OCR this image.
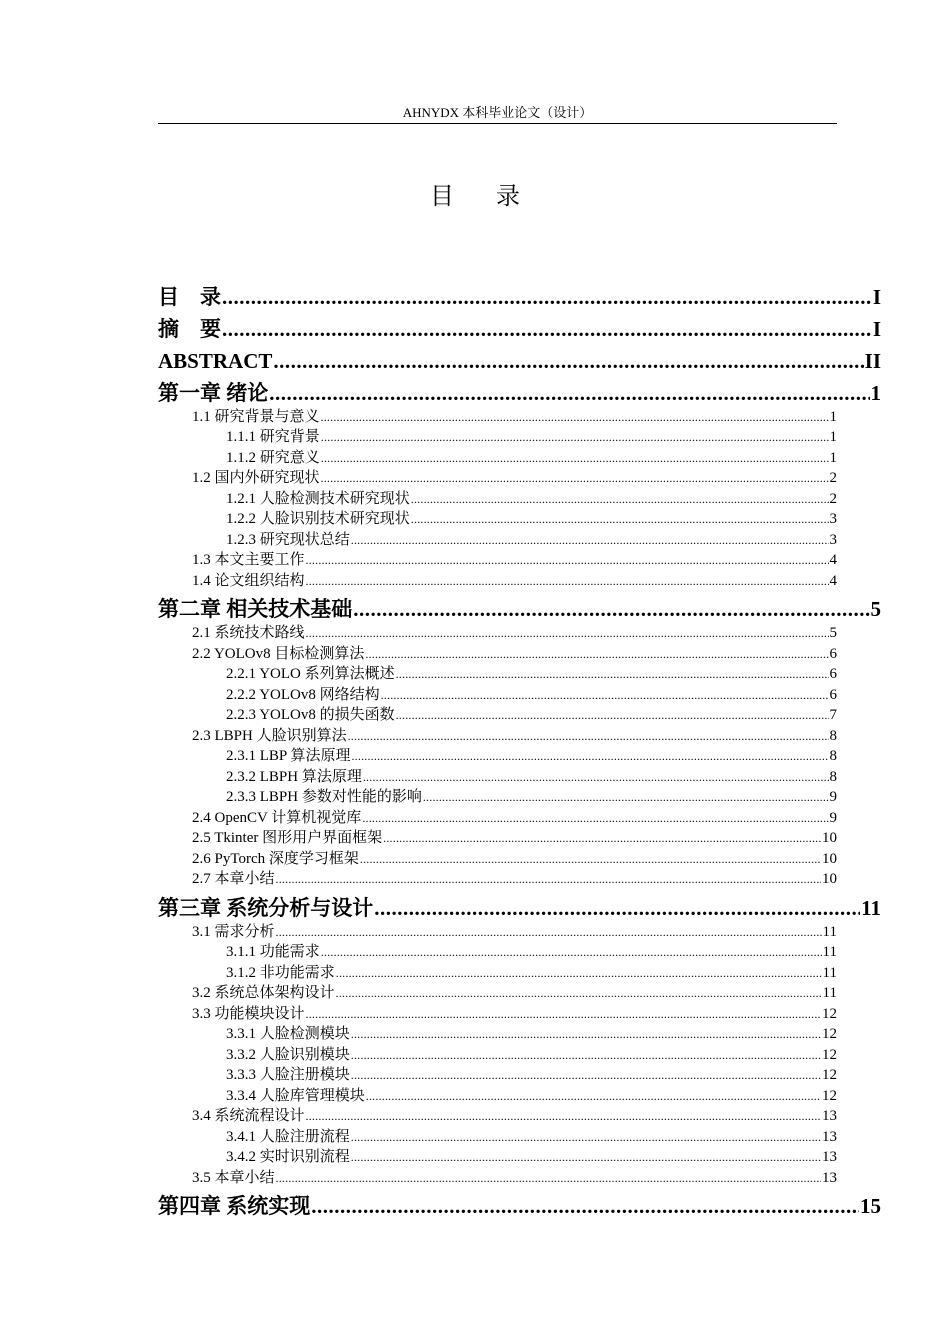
AHNYDX 本科毕业论文（设计）
目 录
目　录 .....	I
摘　要 .....	I
ABSTRACT .....	II
第一章 绪论 .....	1
1.1 研究背景与意义 .....	1
1.1.1 研究背景 .....	1
1.1.2 研究意义 .....	1
1.2 国内外研究现状 .....	2
1.2.1 人脸检测技术研究现状 .....	2
1.2.2 人脸识别技术研究现状 .....	3
1.2.3 研究现状总结 .....	3
1.3 本文主要工作 .....	4
1.4 论文组织结构 .....	4
第二章 相关技术基础 .....	5
2.1 系统技术路线 .....	5
2.2 YOLOv8 目标检测算法 .....	6
2.2.1 YOLO 系列算法概述 .....	6
2.2.2 YOLOv8 网络结构 .....	6
2.2.3 YOLOv8 的损失函数 .....	7
2.3 LBPH 人脸识别算法 .....	8
2.3.1 LBP 算法原理 .....	8
2.3.2 LBPH 算法原理 .....	8
2.3.3 LBPH 参数对性能的影响 .....	9
2.4 OpenCV 计算机视觉库 .....	9
2.5 Tkinter 图形用户界面框架 .....	10
2.6 PyTorch 深度学习框架 .....	10
2.7 本章小结 .....	10
第三章 系统分析与设计 .....	11
3.1 需求分析 .....	11
3.1.1 功能需求 .....	11
3.1.2 非功能需求 .....	11
3.2 系统总体架构设计 .....	11
3.3 功能模块设计 .....	12
3.3.1 人脸检测模块 .....	12
3.3.2 人脸识别模块 .....	12
3.3.3 人脸注册模块 .....	12
3.3.4 人脸库管理模块 .....	12
3.4 系统流程设计 .....	13
3.4.1 人脸注册流程 .....	13
3.4.2 实时识别流程 .....	13
3.5 本章小结 .....	13
第四章 系统实现 .....	15
